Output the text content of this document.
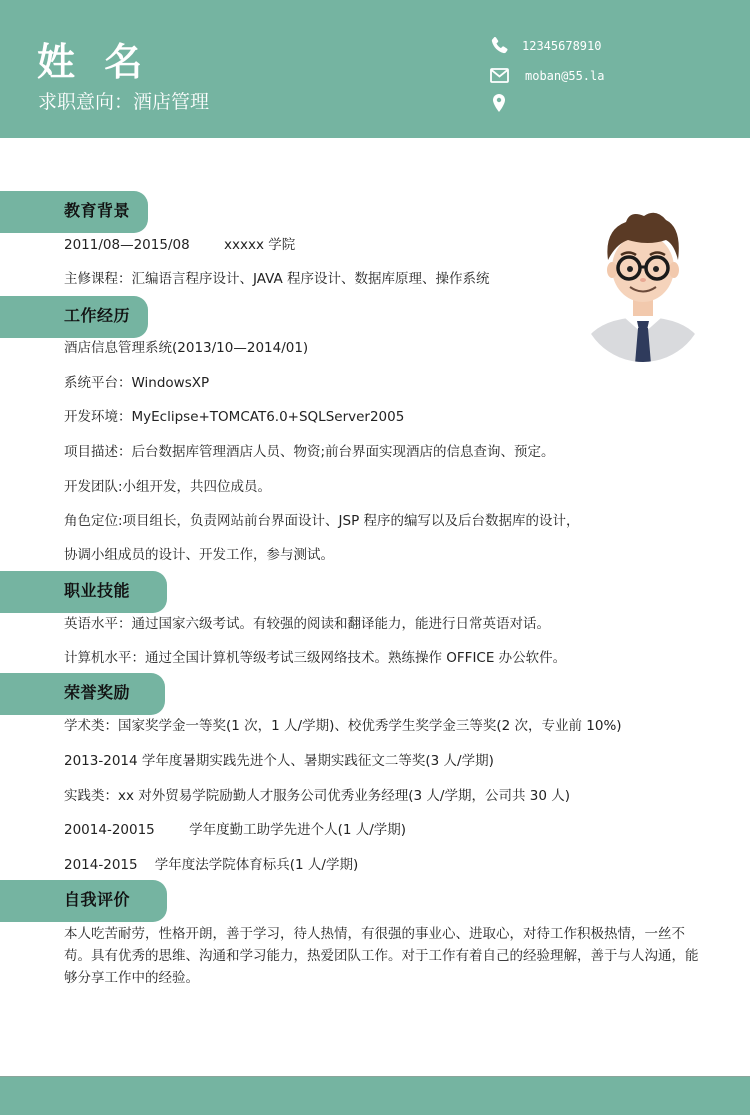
姓 名
求职意向：酒店管理
12345678910
moban@55.la
教育背景
2011/08—2015/08        xxxxx 学院
主修课程：汇编语言程序设计、JAVA 程序设计、数据库原理、操作系统
工作经历
酒店信息管理系统(2013/10—2014/01)
系统平台：WindowsXP
开发环境：MyEclipse+TOMCAT6.0+SQLServer2005
项目描述：后台数据库管理酒店人员、物资;前台界面实现酒店的信息查询、预定。
开发团队:小组开发，共四位成员。
角色定位:项目组长，负责网站前台界面设计、JSP 程序的编写以及后台数据库的设计，
协调小组成员的设计、开发工作，参与测试。
职业技能
英语水平：通过国家六级考试。有较强的阅读和翻译能力，能进行日常英语对话。
计算机水平：通过全国计算机等级考试三级网络技术。熟练操作 OFFICE 办公软件。
荣誉奖励
学术类：国家奖学金一等奖(1 次，1 人/学期)、校优秀学生奖学金三等奖(2 次，专业前 10%)
2013-2014 学年度暑期实践先进个人、暑期实践征文二等奖(3 人/学期)
实践类：xx 对外贸易学院励勤人才服务公司优秀业务经理(3 人/学期，公司共 30 人)
20014-20015        学年度勤工助学先进个人(1 人/学期)
2014-2015    学年度法学院体育标兵(1 人/学期)
自我评价
本人吃苦耐劳，性格开朗，善于学习，待人热情，有很强的事业心、进取心，对待工作积极热情，一丝不苟。具有优秀的思维、沟通和学习能力，热爱团队工作。对于工作有着自己的经验理解，善于与人沟通，能够分享工作中的经验。
